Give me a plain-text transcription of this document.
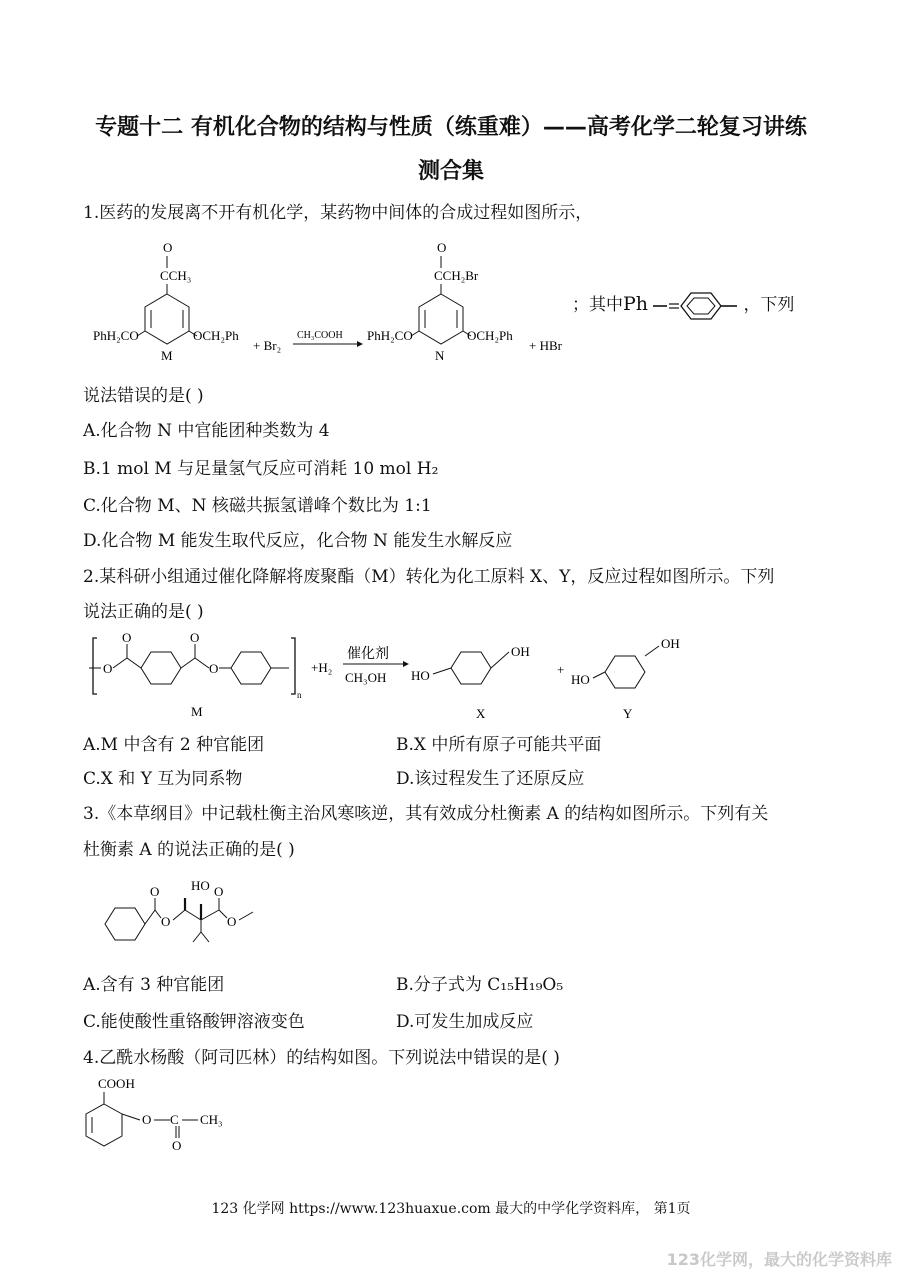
专题十二 有机化合物的结构与性质（练重难）——高考化学二轮复习讲练
测合集
1.医药的发展离不开有机化学，某药物中间体的合成过程如图所示，
O
CCH₃
PhH₂CO	OCH₂Ph
M
+ Br₂
CH₃COOH
O
CCH₂Br
PhH₂CO	OCH₂Ph
N
+ HBr
；其中Ph	，下列
说法错误的是( )
A.化合物 N 中官能团种类数为 4
B.1 mol M 与足量氢气反应可消耗 10 mol H₂
C.化合物 M、N 核磁共振氢谱峰个数比为 1:1
D.化合物 M 能发生取代反应，化合物 N 能发生水解反应
2.某科研小组通过催化降解将废聚酯（M）转化为化工原料 X、Y，反应过程如图所示。下列
说法正确的是( )
n
O
O	O
O
M
+H₂
催化剂
CH₃OH HO
OH
X
+
HO
OH
Y
A.M 中含有 2 种官能团	B.X 中所有原子可能共平面
C.X 和 Y 互为同系物	D.该过程发生了还原反应
3.《本草纲目》中记载杜衡主治风寒咳逆，其有效成分杜衡素 A 的结构如图所示。下列有关
杜衡素 A 的说法正确的是( )
O
O
HO O
O
A.含有 3 种官能团	B.分子式为 C₁₅H₁₉O₅
C.能使酸性重铬酸钾溶液变色	D.可发生加成反应
4.乙酰水杨酸（阿司匹林）的结构如图。下列说法中错误的是( )
COOH
O C
O
CH₃
123 化学网 https://www.123huaxue.com 最大的中学化学资料库， 第1页
123化学网，最大的化学资料库
